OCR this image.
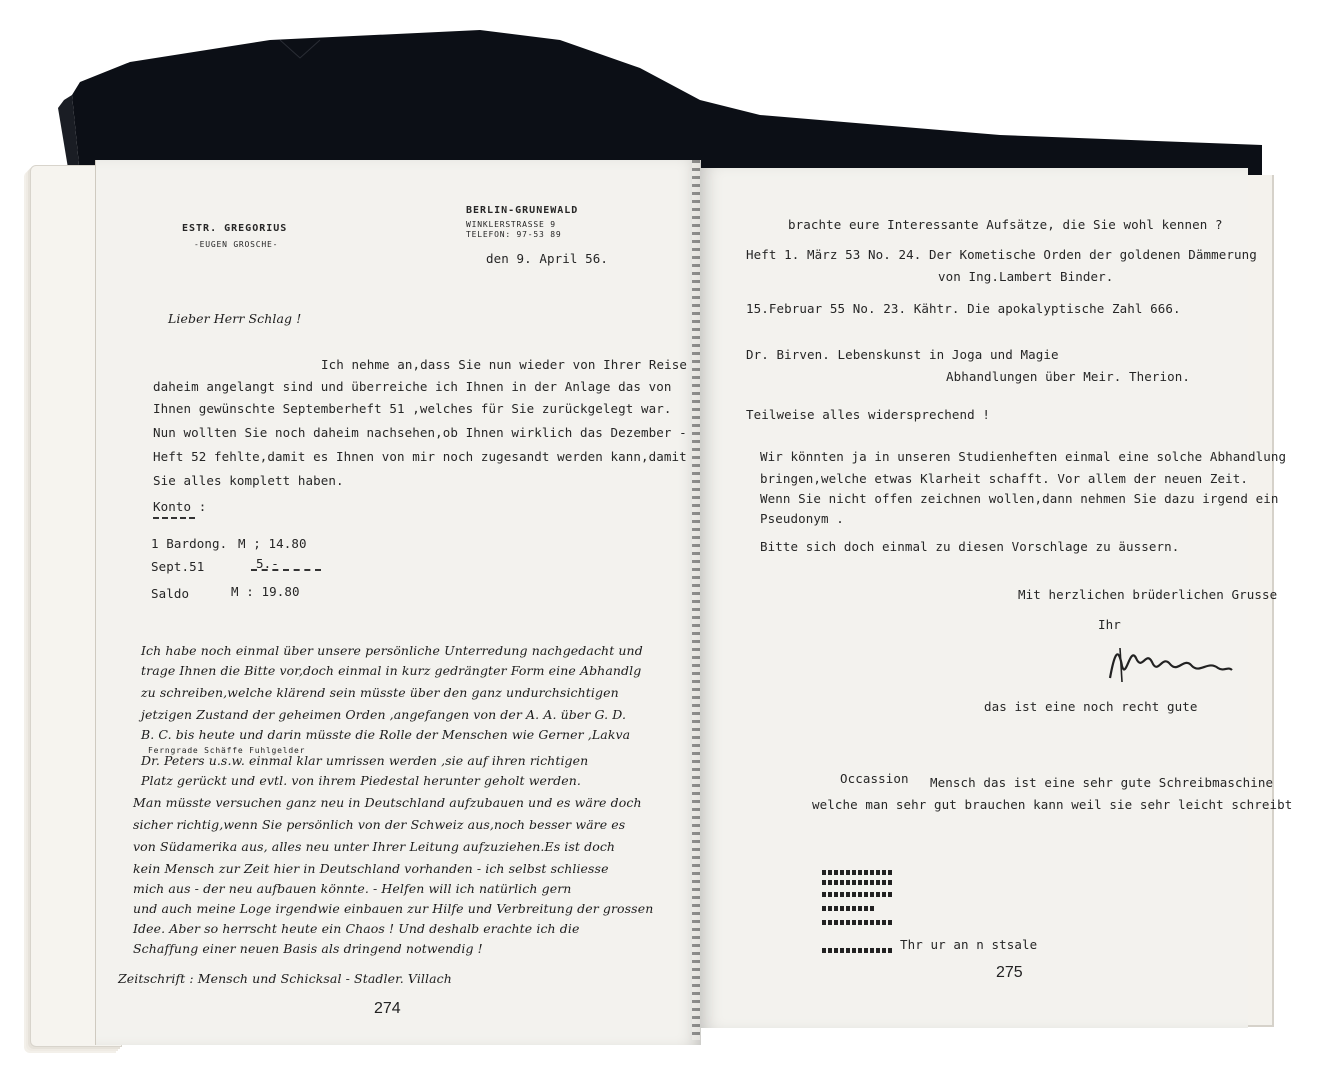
ESTR. GREGORIUS
-EUGEN GROSCHE-
BERLIN-GRUNEWALD
WINKLERSTRASSE 9
TELEFON: 97-53 89
den 9. April 56.
Lieber Herr Schlag !
Ich nehme an,dass Sie nun wieder von Ihrer Reise
daheim angelangt sind und überreiche ich Ihnen in der Anlage das von
Ihnen gewünschte Septemberheft 51 ,welches für Sie zurückgelegt war.
Nun wollten Sie noch daheim nachsehen,ob Ihnen wirklich das Dezember -
Heft 52 fehlte,damit es Ihnen von mir noch zugesandt werden kann,damit
Sie alles komplett haben.
Konto :
1 Bardong. M ; 14.80
Sept.51	5.-
Saldo	M : 19.80
Ich habe noch einmal über unsere persönliche Unterredung nachgedacht und
trage Ihnen die Bitte vor,doch einmal in kurz gedrängter Form eine Abhandlg
zu schreiben,welche klärend sein müsste über den ganz undurchsichtigen
jetzigen Zustand der geheimen Orden ,angefangen von der A. A. über G. D.
B. C. bis heute und darin müsste die Rolle der Menschen wie Gerner ,Lakva
Ferngrade Schäffe Fuhlgelder
Dr. Peters u.s.w. einmal klar umrissen werden ,sie auf ihren richtigen
Platz gerückt und evtl. von ihrem Piedestal herunter geholt werden.
Man müsste versuchen ganz neu in Deutschland aufzubauen und es wäre doch
sicher richtig,wenn Sie persönlich von der Schweiz aus,noch besser wäre es
von Südamerika aus, alles neu unter Ihrer Leitung aufzuziehen.Es ist doch
kein Mensch zur Zeit hier in Deutschland vorhanden - ich selbst schliesse
mich aus - der neu aufbauen könnte. - Helfen will ich natürlich gern
und auch meine Loge irgendwie einbauen zur Hilfe und Verbreitung der grossen
Idee. Aber so herrscht heute ein Chaos ! Und deshalb erachte ich die
Schaffung einer neuen Basis als dringend notwendig !
Zeitschrift : Mensch und Schicksal - Stadler. Villach
274
brachte eure Interessante Aufsätze, die Sie wohl kennen ?
Heft 1. März 53 No. 24. Der Kometische Orden der goldenen Dämmerung
von Ing.Lambert Binder.
15.Februar 55 No. 23. Kähtr. Die apokalyptische Zahl 666.
Dr. Birven. Lebenskunst in Joga und Magie
Abhandlungen über Meir. Therion.
Teilweise alles widersprechend !
Wir könnten ja in unseren Studienheften einmal eine solche Abhandlung
bringen,welche etwas Klarheit schafft. Vor allem der neuen Zeit.
Wenn Sie nicht offen zeichnen wollen,dann nehmen Sie dazu irgend ein
Pseudonym .
Bitte sich doch einmal zu diesen Vorschlage zu äussern.
Mit herzlichen brüderlichen Grusse
Ihr
das ist eine noch recht gute
Occassion Mensch das ist eine sehr gute Schreibmaschine
welche man sehr gut brauchen kann weil sie sehr leicht schreibt
Thr ur an n stsale
275
